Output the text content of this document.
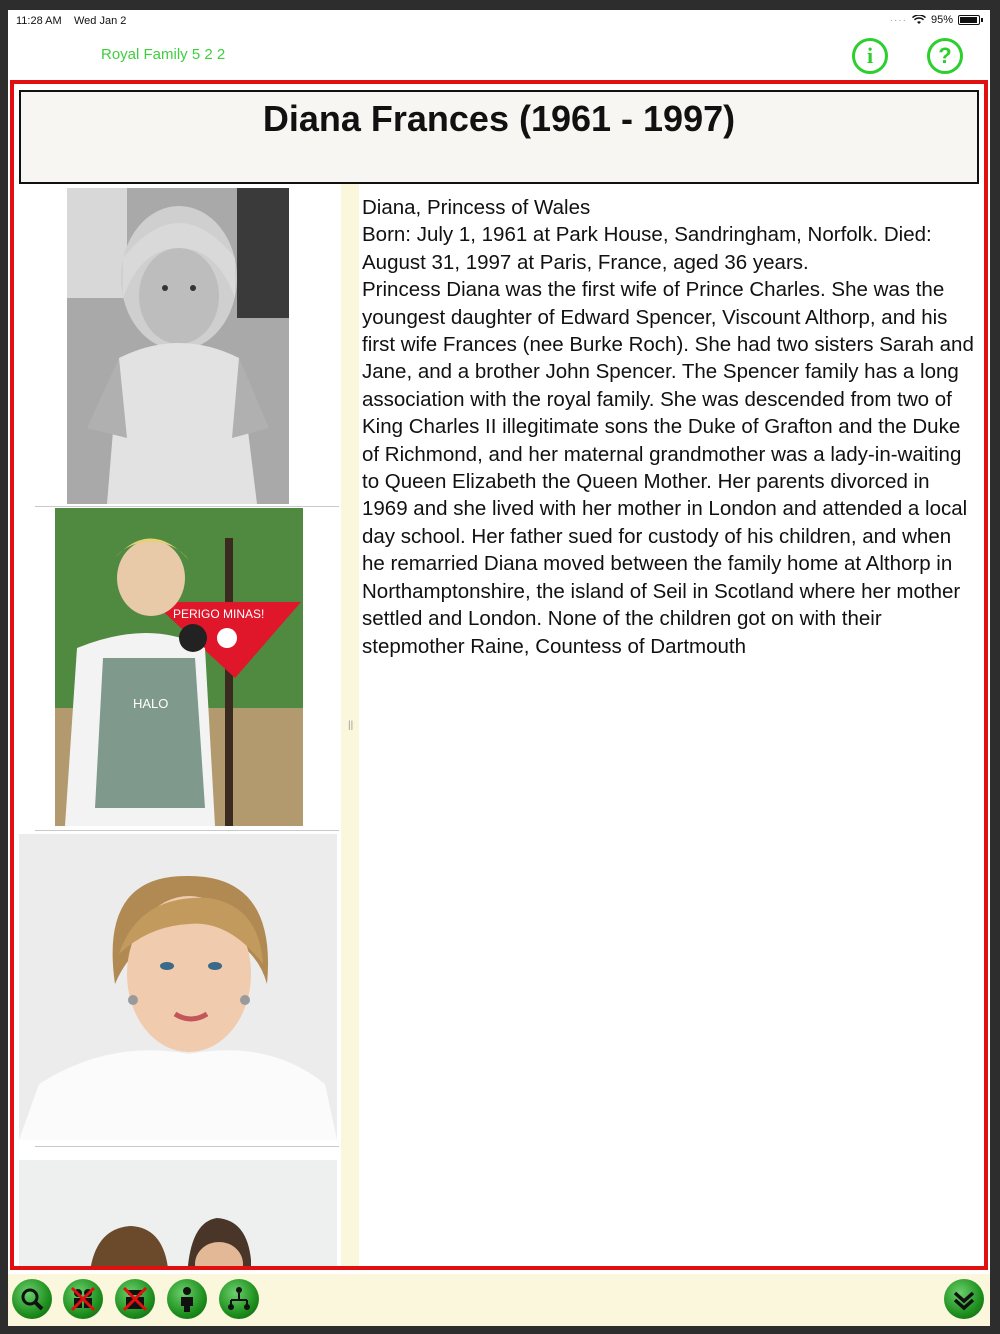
11:28 AM Wed Jan 2	···· 95%
Royal Family 5 2 2	i	?
Diana Frances (1961 - 1997)
PERIGO MINAS!
HALO
||

Diana, Princess of Wales

Born: July 1, 1961 at Park House, Sandringham, Norfolk. Died: August 31, 1997 at Paris, France, aged 36 years.

Princess Diana was the first wife of Prince Charles. She was the youngest daughter of Edward Spencer, Viscount Althorp, and his first wife Frances (nee Burke Roch). She had two sisters Sarah and Jane, and a brother John Spencer. The Spencer family has a long association with the royal family. She was descended from two of King Charles II illegitimate sons the Duke of Grafton and the Duke of Richmond, and her maternal grandmother was a lady-in-waiting to Queen Elizabeth the Queen Mother. Her parents divorced in 1969 and she lived with her mother in London and attended a local day school. Her father sued for custody of his children, and when he remarried Diana moved between the family home at Althorp in Northamptonshire, the island of Seil in Scotland where her mother settled and London. None of the children got on with their stepmother Raine, Countess of Dartmouth
